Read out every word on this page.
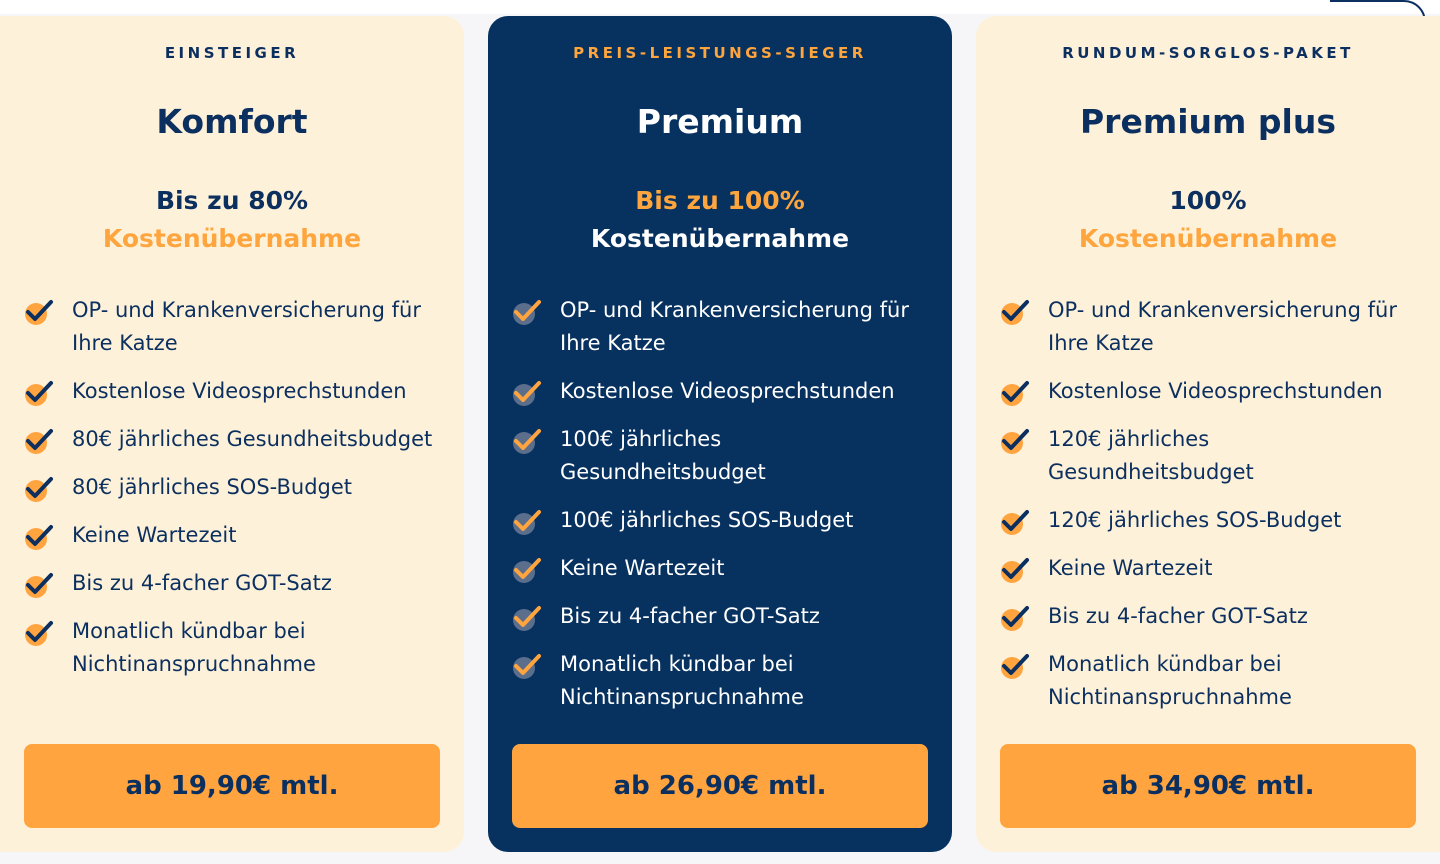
EINSTEIGER
Komfort
Bis zu 80%
Kostenübernahme
OP- und Krankenversicherung für Ihre Katze
Kostenlose Videosprechstunden
80€ jährliches Gesundheitsbudget
80€ jährliches SOS-Budget
Keine Wartezeit
Bis zu 4-facher GOT-Satz
Monatlich kündbar bei Nichtinanspruchnahme
ab 19,90€ mtl.
PREIS-LEISTUNGS-SIEGER
Premium
Bis zu 100%
Kostenübernahme
OP- und Krankenversicherung für Ihre Katze
Kostenlose Videosprechstunden
100€ jährliches Gesundheitsbudget
100€ jährliches SOS-Budget
Keine Wartezeit
Bis zu 4-facher GOT-Satz
Monatlich kündbar bei Nichtinanspruchnahme
ab 26,90€ mtl.
RUNDUM-SORGLOS-PAKET
Premium plus
100%
Kostenübernahme
OP- und Krankenversicherung für Ihre Katze
Kostenlose Videosprechstunden
120€ jährliches Gesundheitsbudget
120€ jährliches SOS-Budget
Keine Wartezeit
Bis zu 4-facher GOT-Satz
Monatlich kündbar bei Nichtinanspruchnahme
ab 34,90€ mtl.
